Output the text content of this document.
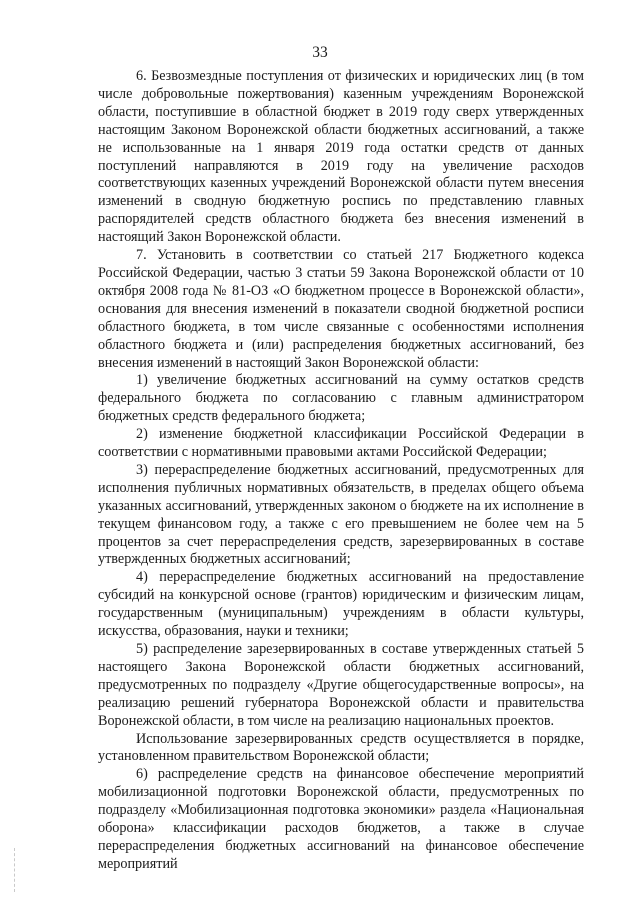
33

6. Безвозмездные поступления от физических и юридических лиц (в том числе добровольные пожертвования) казенным учреждениям Воронежской области, поступившие в областной бюджет в 2019 году сверх утвержденных настоящим Законом Воронежской области бюджетных ассигнований, а также не использованные на 1 января 2019 года остатки средств от данных поступлений направляются в 2019 году на увеличение расходов соответствующих казенных учреждений Воронежской области путем внесения изменений в сводную бюджетную роспись по представлению главных распорядителей средств областного бюджета без внесения изменений в настоящий Закон Воронежской области.

7. Установить в соответствии со статьей 217 Бюджетного кодекса Российской Федерации, частью 3 статьи 59 Закона Воронежской области от 10 октября 2008 года № 81-ОЗ «О бюджетном процессе в Воронежской области», основания для внесения изменений в показатели сводной бюджетной росписи областного бюджета, в том числе связанные с особенностями исполнения областного бюджета и (или) распределения бюджетных ассигнований, без внесения изменений в настоящий Закон Воронежской области:

1) увеличение бюджетных ассигнований на сумму остатков средств федерального бюджета по согласованию с главным администратором бюджетных средств федерального бюджета;

2) изменение бюджетной классификации Российской Федерации в соответствии с нормативными правовыми актами Российской Федерации;

3) перераспределение бюджетных ассигнований, предусмотренных для исполнения публичных нормативных обязательств, в пределах общего объема указанных ассигнований, утвержденных законом о бюджете на их исполнение в текущем финансовом году, а также с его превышением не более чем на 5 процентов за счет перераспределения средств, зарезервированных в составе утвержденных бюджетных ассигнований;

4) перераспределение бюджетных ассигнований на предоставление субсидий на конкурсной основе (грантов) юридическим и физическим лицам, государственным (муниципальным) учреждениям в области культуры, искусства, образования, науки и техники;

5) распределение зарезервированных в составе утвержденных статьей 5 настоящего Закона Воронежской области бюджетных ассигнований, предусмотренных по подразделу «Другие общегосударственные вопросы», на реализацию решений губернатора Воронежской области и правительства Воронежской области, в том числе на реализацию национальных проектов.

Использование зарезервированных средств осуществляется в порядке, установленном правительством Воронежской области;

6) распределение средств на финансовое обеспечение мероприятий мобилизационной подготовки Воронежской области, предусмотренных по подразделу «Мобилизационная подготовка экономики» раздела «Национальная оборона» классификации расходов бюджетов, а также в случае перераспределения бюджетных ассигнований на финансовое обеспечение мероприятий
